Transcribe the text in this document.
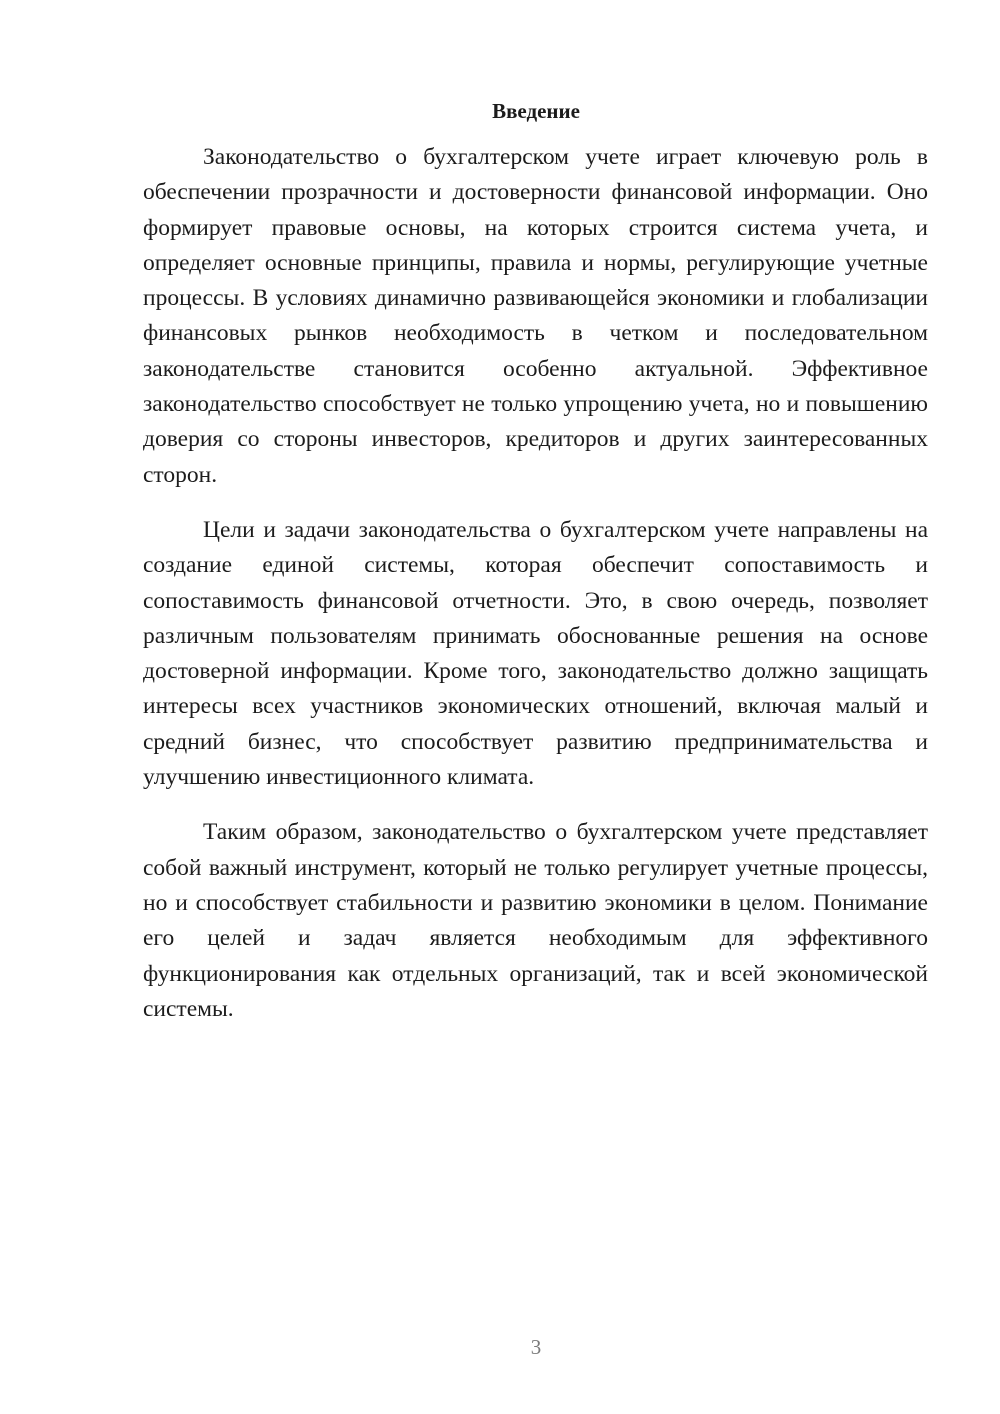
Введение

Законодательство о бухгалтерском учете играет ключевую роль в обеспечении прозрачности и достоверности финансовой информации. Оно формирует правовые основы, на которых строится система учета, и определяет основные принципы, правила и нормы, регулирующие учетные процессы. В условиях динамично развивающейся экономики и глобализации финансовых рынков необходимость в четком и последовательном законодательстве становится особенно актуальной. Эффективное законодательство способствует не только упрощению учета, но и повышению доверия со стороны инвесторов, кредиторов и других заинтересованных сторон.

Цели и задачи законодательства о бухгалтерском учете направлены на создание единой системы, которая обеспечит сопоставимость и сопоставимость финансовой отчетности. Это, в свою очередь, позволяет различным пользователям принимать обоснованные решения на основе достоверной информации. Кроме того, законодательство должно защищать интересы всех участников экономических отношений, включая малый и средний бизнес, что способствует развитию предпринимательства и улучшению инвестиционного климата.

Таким образом, законодательство о бухгалтерском учете представляет собой важный инструмент, который не только регулирует учетные процессы, но и способствует стабильности и развитию экономики в целом. Понимание его целей и задач является необходимым для эффективного функционирования как отдельных организаций, так и всей экономической системы.

3
